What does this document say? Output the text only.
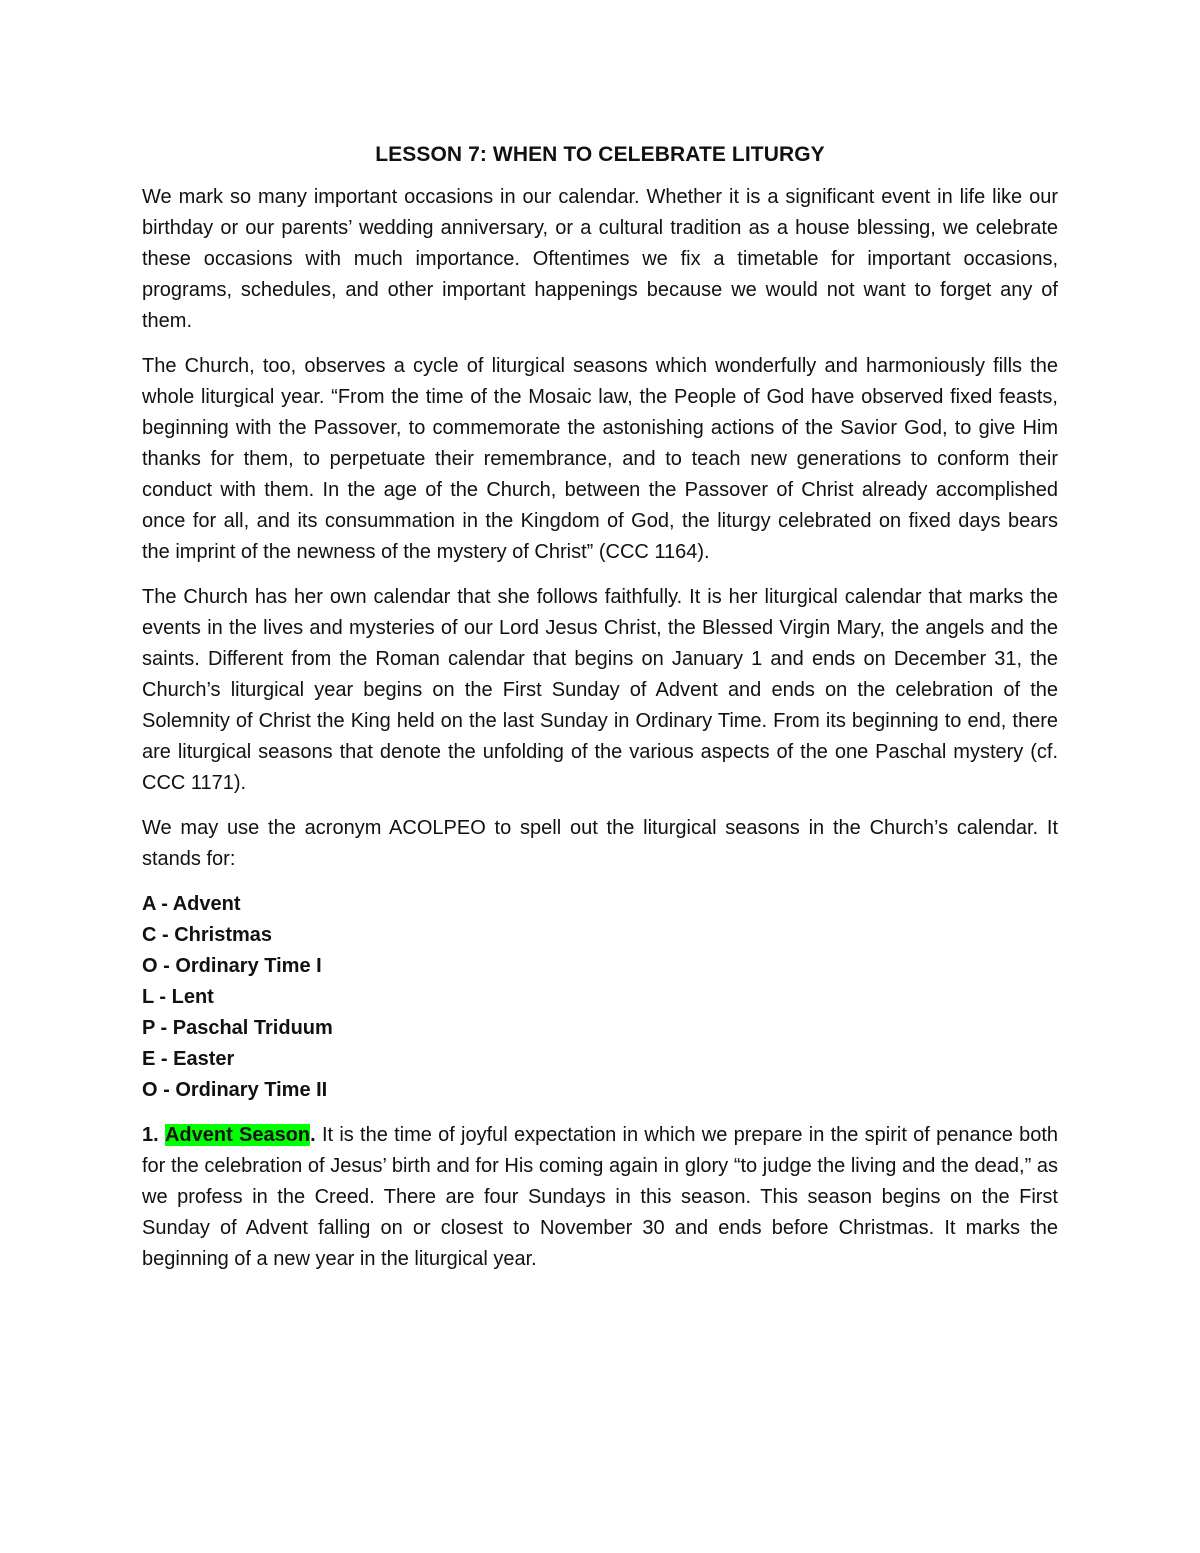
LESSON 7: WHEN TO CELEBRATE LITURGY

We mark so many important occasions in our calendar. Whether it is a significant event in life like our birthday or our parents’ wedding anniversary, or a cultural tradition as a house blessing, we celebrate these occasions with much importance. Oftentimes we fix a timetable for important occasions, programs, schedules, and other important happenings because we would not want to forget any of them.

The Church, too, observes a cycle of liturgical seasons which wonderfully and harmoniously fills the whole liturgical year. “From the time of the Mosaic law, the People of God have observed fixed feasts, beginning with the Passover, to commemorate the astonishing actions of the Savior God, to give Him thanks for them, to perpetuate their remembrance, and to teach new generations to conform their conduct with them. In the age of the Church, between the Passover of Christ already accomplished once for all, and its consummation in the Kingdom of God, the liturgy celebrated on fixed days bears the imprint of the newness of the mystery of Christ” (CCC 1164).

The Church has her own calendar that she follows faithfully. It is her liturgical calendar that marks the events in the lives and mysteries of our Lord Jesus Christ, the Blessed Virgin Mary, the angels and the saints. Different from the Roman calendar that begins on January 1 and ends on December 31, the Church’s liturgical year begins on the First Sunday of Advent and ends on the celebration of the Solemnity of Christ the King held on the last Sunday in Ordinary Time. From its beginning to end, there are liturgical seasons that denote the unfolding of the various aspects of the one Paschal mystery (cf. CCC 1171).

We may use the acronym ACOLPEO to spell out the liturgical seasons in the Church’s calendar. It stands for:

A - Advent
C - Christmas
O - Ordinary Time I
L - Lent
P - Paschal Triduum
E - Easter
O - Ordinary Time II

1. Advent Season. It is the time of joyful expectation in which we prepare in the spirit of penance both for the celebration of Jesus’ birth and for His coming again in glory “to judge the living and the dead,” as we profess in the Creed. There are four Sundays in this season. This season begins on the First Sunday of Advent falling on or closest to November 30 and ends before Christmas. It marks the beginning of a new year in the liturgical year.
